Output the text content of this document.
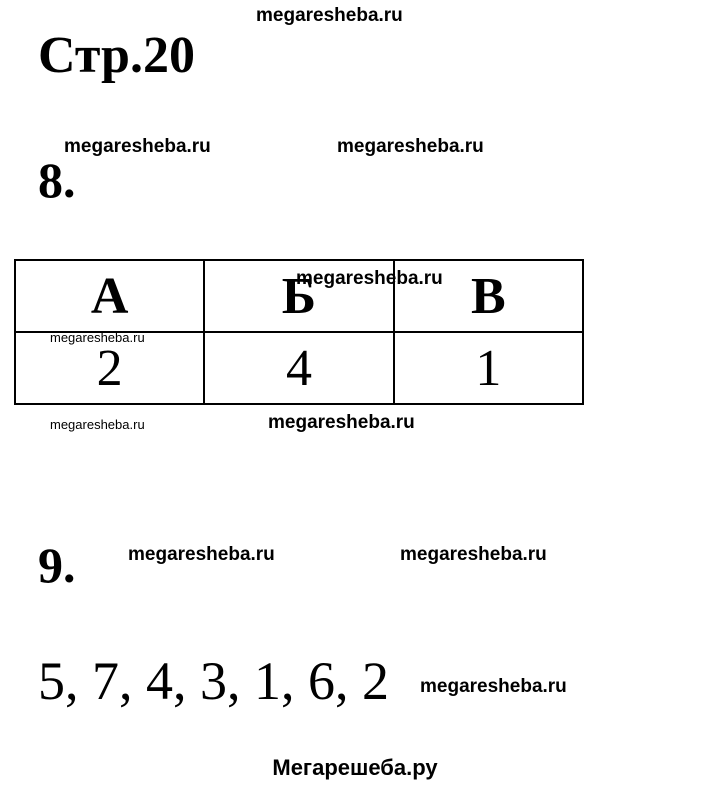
megaresheba.ru
Стр.20
8.
megaresheba.ru	megaresheba.ru
А	Б	В
2	4	1
megaresheba.ru
megaresheba.ru
megaresheba.ru	megaresheba.ru
9.	megaresheba.ru	megaresheba.ru
5, 7, 4, 3, 1, 6, 2 megaresheba.ru
Мегарешеба.ру
